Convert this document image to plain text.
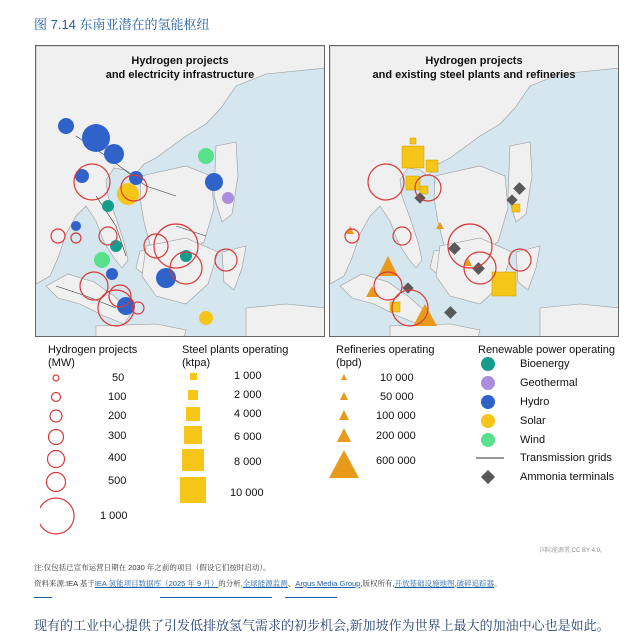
图 7.14 东南亚潜在的氢能枢纽
Hydrogen projects
and electricity infrastructure
Hydrogen projects
and existing steel plants and refineries
Hydrogen projects
(MW)
50
100
200
300
400
500
1 000
Steel plants operating
(ktpa)
1 000
2 000
4 000
6 000
8 000
10 000
Refineries operating
(bpd)
10 000
50 000
100 000
200 000
600 000
Renewable power operating
Bioenergy
Geothermal
Hydro
Solar
Wind
Transmission grids
Ammonia terminals
国际能源署,CC BY 4.0。
注:仅包括已宣布运营日期在 2030 年之前的项目（假设它们按时启动）。
资料来源:IEA 基于IEA 氢能项目数据库（2025 年 9 月）的分析,全球能源监测、Argus Media Group,版权所有,开放基础设施地图,破碎追踪器。
现有的工业中心提供了引发低排放氢气需求的初步机会,新加坡作为世界上最大的加油中心也是如此。
